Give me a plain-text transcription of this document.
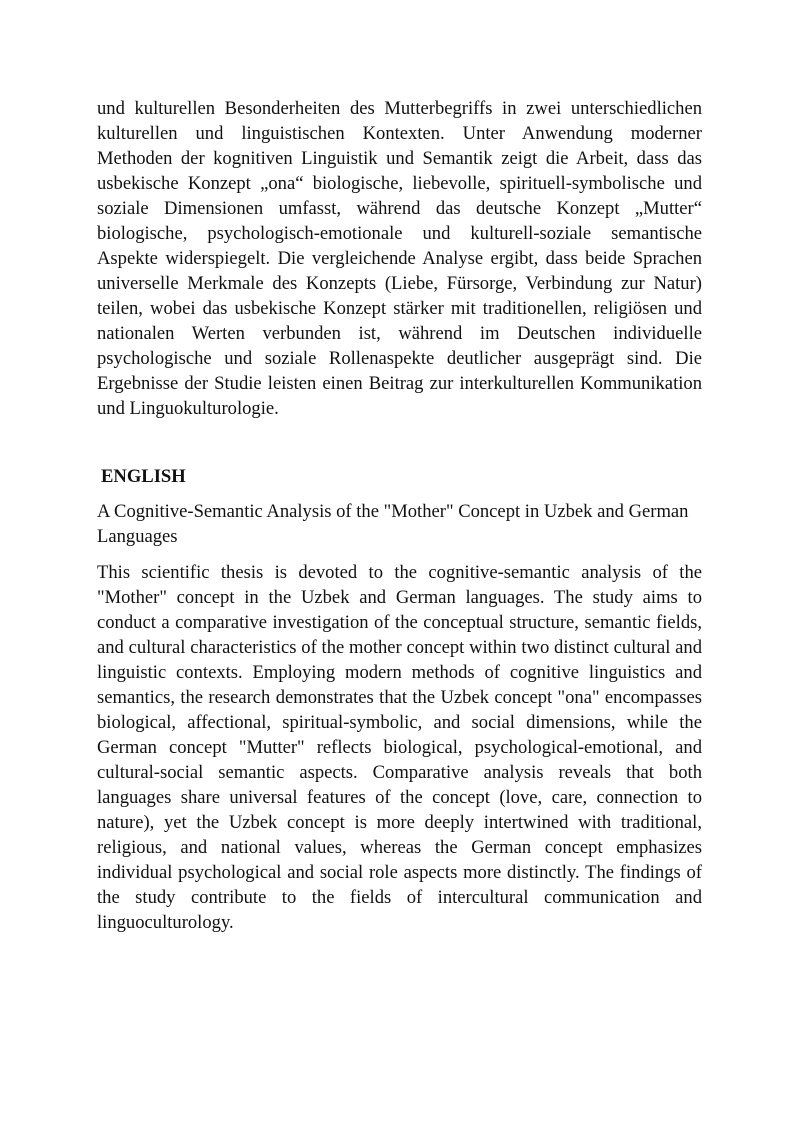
und kulturellen Besonderheiten des Mutterbegriffs in zwei unterschiedlichen kulturellen und linguistischen Kontexten. Unter Anwendung moderner Methoden der kognitiven Linguistik und Semantik zeigt die Arbeit, dass das usbekische Konzept „ona“ biologische, liebevolle, spirituell-symbolische und soziale Dimensionen umfasst, während das deutsche Konzept „Mutter“ biologische, psychologisch-emotionale und kulturell-soziale semantische Aspekte widerspiegelt. Die vergleichende Analyse ergibt, dass beide Sprachen universelle Merkmale des Konzepts (Liebe, Fürsorge, Verbindung zur Natur) teilen, wobei das usbekische Konzept stärker mit traditionellen, religiösen und nationalen Werten verbunden ist, während im Deutschen individuelle psychologische und soziale Rollenaspekte deutlicher ausgeprägt sind. Die Ergebnisse der Studie leisten einen Beitrag zur interkulturellen Kommunikation und Linguokulturologie.

ENGLISH

A Cognitive-Semantic Analysis of the "Mother" Concept in Uzbek and German Languages

This scientific thesis is devoted to the cognitive-semantic analysis of the "Mother" concept in the Uzbek and German languages. The study aims to conduct a comparative investigation of the conceptual structure, semantic fields, and cultural characteristics of the mother concept within two distinct cultural and linguistic contexts. Employing modern methods of cognitive linguistics and semantics, the research demonstrates that the Uzbek concept "ona" encompasses biological, affectional, spiritual-symbolic, and social dimensions, while the German concept "Mutter" reflects biological, psychological-emotional, and cultural-social semantic aspects. Comparative analysis reveals that both languages share universal features of the concept (love, care, connection to nature), yet the Uzbek concept is more deeply intertwined with traditional, religious, and national values, whereas the German concept emphasizes individual psychological and social role aspects more distinctly. The findings of the study contribute to the fields of intercultural communication and linguoculturology.
